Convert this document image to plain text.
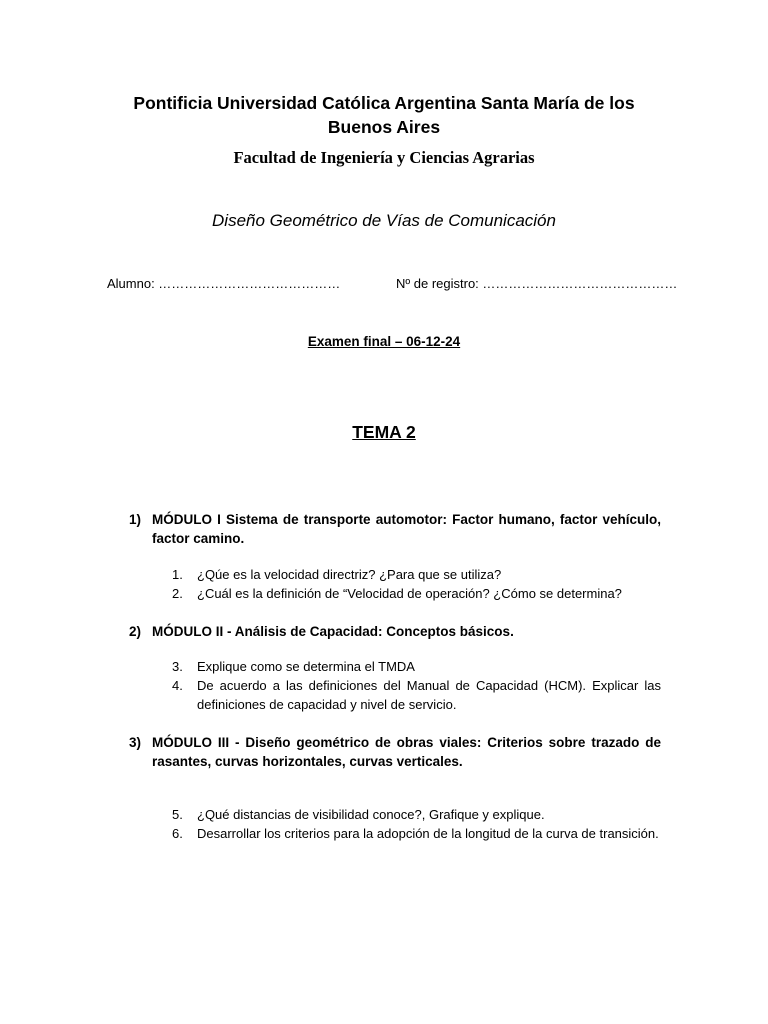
Pontificia Universidad Católica Argentina Santa María de los Buenos Aires
Facultad de Ingeniería y Ciencias Agrarias
Diseño Geométrico de Vías de Comunicación
Alumno: ……………………………………	Nº de registro: ………………………………………
Examen final – 06-12-24
TEMA 2
1) MÓDULO I Sistema de transporte automotor: Factor humano, factor vehículo, factor camino.
1.	¿Qúe es la velocidad directriz? ¿Para que se utiliza?
2.	¿Cuál es la definición de “Velocidad de operación? ¿Cómo se determina?
2) MÓDULO II - Análisis de Capacidad: Conceptos básicos.
3.	Explique como se determina el TMDA
4.	De acuerdo a las definiciones del Manual de Capacidad (HCM). Explicar las definiciones de capacidad y nivel de servicio.
3) MÓDULO III - Diseño geométrico de obras viales: Criterios sobre trazado de rasantes, curvas horizontales, curvas verticales.
5.	¿Qué distancias de visibilidad conoce?, Grafique y explique.
6.	Desarrollar los criterios para la adopción de la longitud de la curva de transición.
